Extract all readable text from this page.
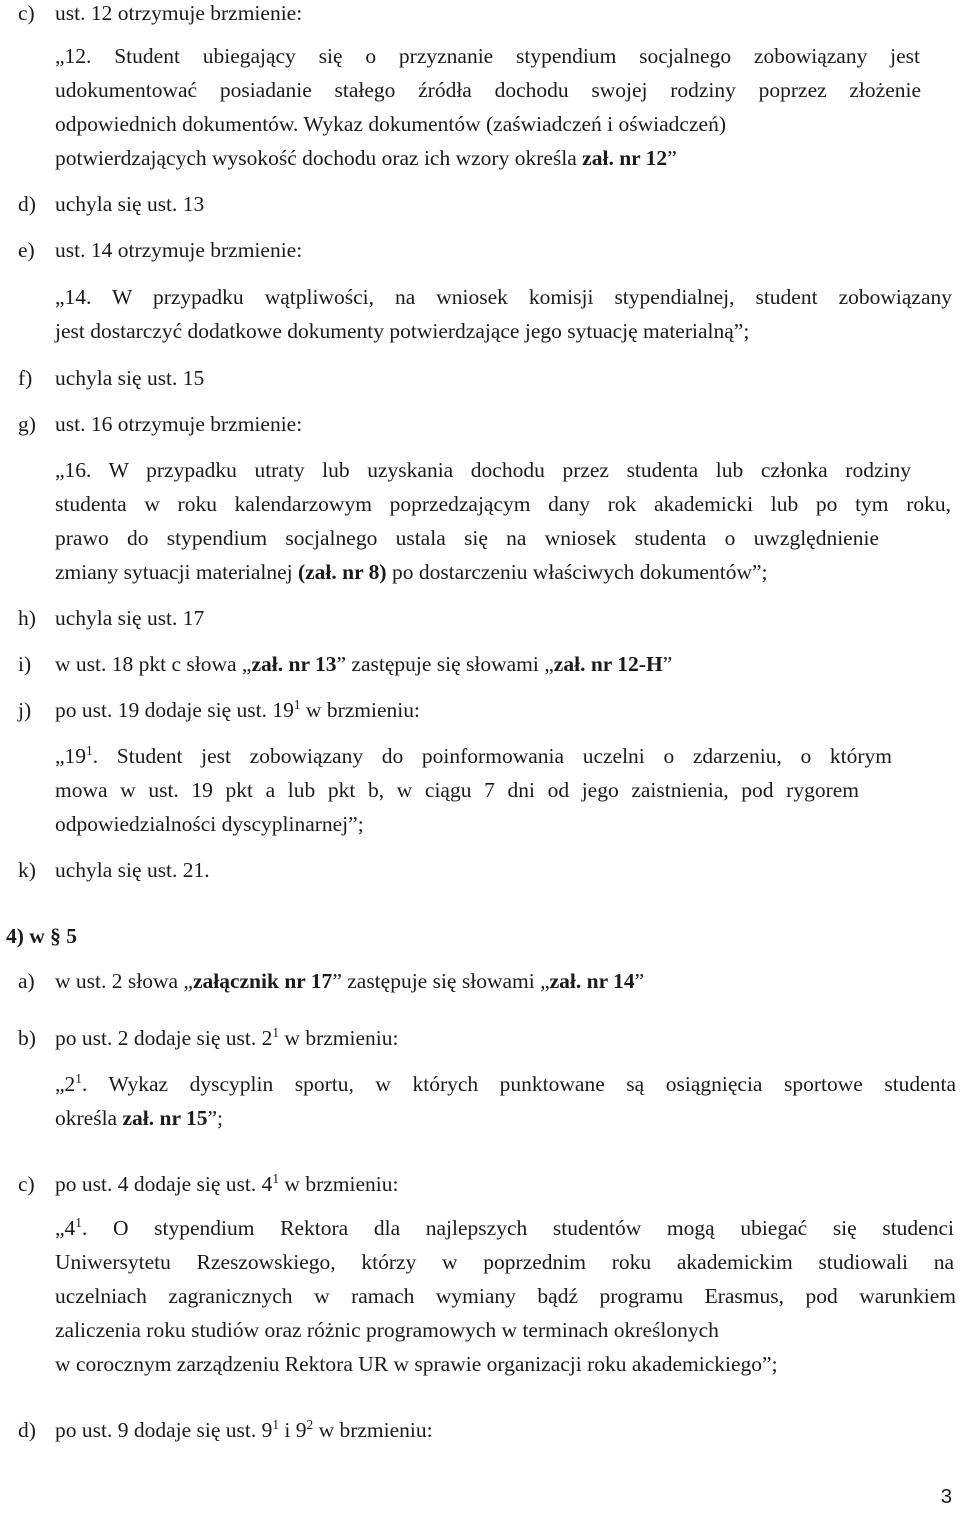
c) ust. 12 otrzymuje brzmienie:
„12. Student ubiegający się o przyznanie stypendium socjalnego zobowiązany jest
udokumentować posiadanie stałego źródła dochodu swojej rodziny poprzez złożenie
odpowiednich dokumentów. Wykaz dokumentów (zaświadczeń i oświadczeń)
potwierdzających wysokość dochodu oraz ich wzory określa zał. nr 12”
d) uchyla się ust. 13
e) ust. 14 otrzymuje brzmienie:
„14. W przypadku wątpliwości, na wniosek komisji stypendialnej, student zobowiązany
jest dostarczyć dodatkowe dokumenty potwierdzające jego sytuację materialną”;
f) uchyla się ust. 15
g) ust. 16 otrzymuje brzmienie:
„16. W przypadku utraty lub uzyskania dochodu przez studenta lub członka rodziny
studenta w roku kalendarzowym poprzedzającym dany rok akademicki lub po tym roku,
prawo do stypendium socjalnego ustala się na wniosek studenta o uwzględnienie
zmiany sytuacji materialnej (zał. nr 8) po dostarczeniu właściwych dokumentów”;
h) uchyla się ust. 17
i) w ust. 18 pkt c słowa „zał. nr 13” zastępuje się słowami „zał. nr 12-H”
j) po ust. 19 dodaje się ust. $19^1$ w brzmieniu:
$„19^1$. Student jest zobowiązany do poinformowania uczelni o zdarzeniu, o którym
mowa w ust. 19 pkt a lub pkt b, w ciągu 7 dni od jego zaistnienia, pod rygorem
odpowiedzialności dyscyplinarnej”;
k) uchyla się ust. 21.
4) w § 5
a) w ust. 2 słowa „załącznik nr 17” zastępuje się słowami „zał. nr 14”
b) po ust. 2 dodaje się ust. $2^1$ w brzmieniu:
$„2^1$. Wykaz dyscyplin sportu, w których punktowane są osiągnięcia sportowe studenta
określa zał. nr 15”;
c) po ust. 4 dodaje się ust. $4^1$ w brzmieniu:
$„4^1$. O stypendium Rektora dla najlepszych studentów mogą ubiegać się studenci
Uniwersytetu Rzeszowskiego, którzy w poprzednim roku akademickim studiowali na
uczelniach zagranicznych w ramach wymiany bądź programu Erasmus, pod warunkiem
zaliczenia roku studiów oraz różnic programowych w terminach określonych
w corocznym zarządzeniu Rektora UR w sprawie organizacji roku akademickiego”;
d) po ust. 9 dodaje się ust. $9^1$ i $9^2$ w brzmieniu:
3
